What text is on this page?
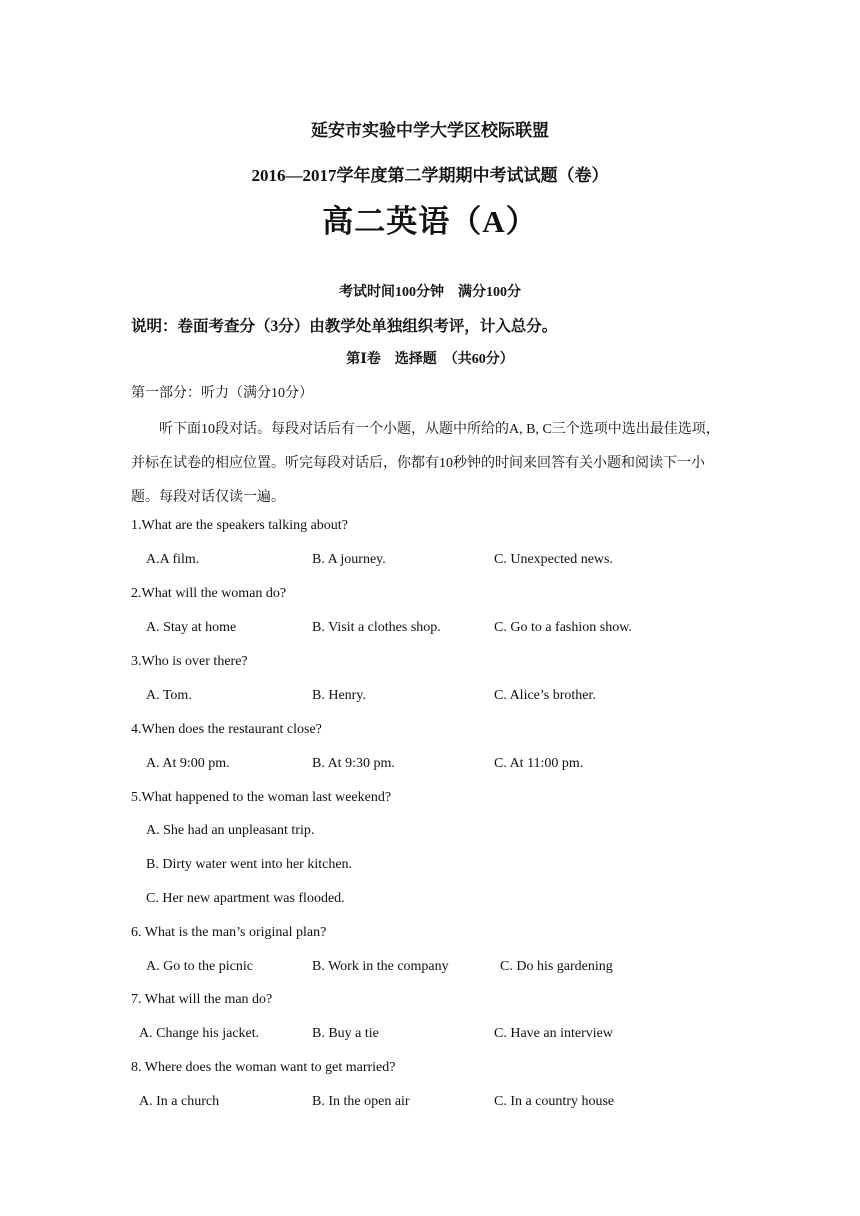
延安市实验中学大学区校际联盟
2016—2017学年度第二学期期中考试试题（卷）
高二英语（A）
考试时间100分钟　满分100分
说明：卷面考查分（3分）由教学处单独组织考评，计入总分。
第Ⅰ卷　选择题　（共60分）
第一部分：听力（满分10分）
听下面10段对话。每段对话后有一个小题，从题中所给的A, B, C三个选项中选出最佳选项，并标在试卷的相应位置。听完每段对话后，你都有10秒钟的时间来回答有关小题和阅读下一小题。每段对话仅读一遍。
1.What are the speakers talking about?
A.A film.	B. A journey.	C. Unexpected news.
2.What will the woman do?
A. Stay at home	B. Visit a clothes shop.	C. Go to a fashion show.
3.Who is over there?
A. Tom.	B. Henry.	C. Alice’s brother.
4.When does the restaurant close?
A. At 9:00 pm.	B. At 9:30 pm.	C. At 11:00 pm.
5.What happened to the woman last weekend?
A. She had an unpleasant trip.
B. Dirty water went into her kitchen.
C. Her new apartment was flooded.
6. What is the man’s original plan?
A. Go to the picnic	B. Work in the company	C. Do his gardening
7. What will the man do?
A. Change his jacket.	B. Buy a tie	C. Have an interview
8. Where does the woman want to get married?
A. In a church	B. In the open air	C. In a country house
